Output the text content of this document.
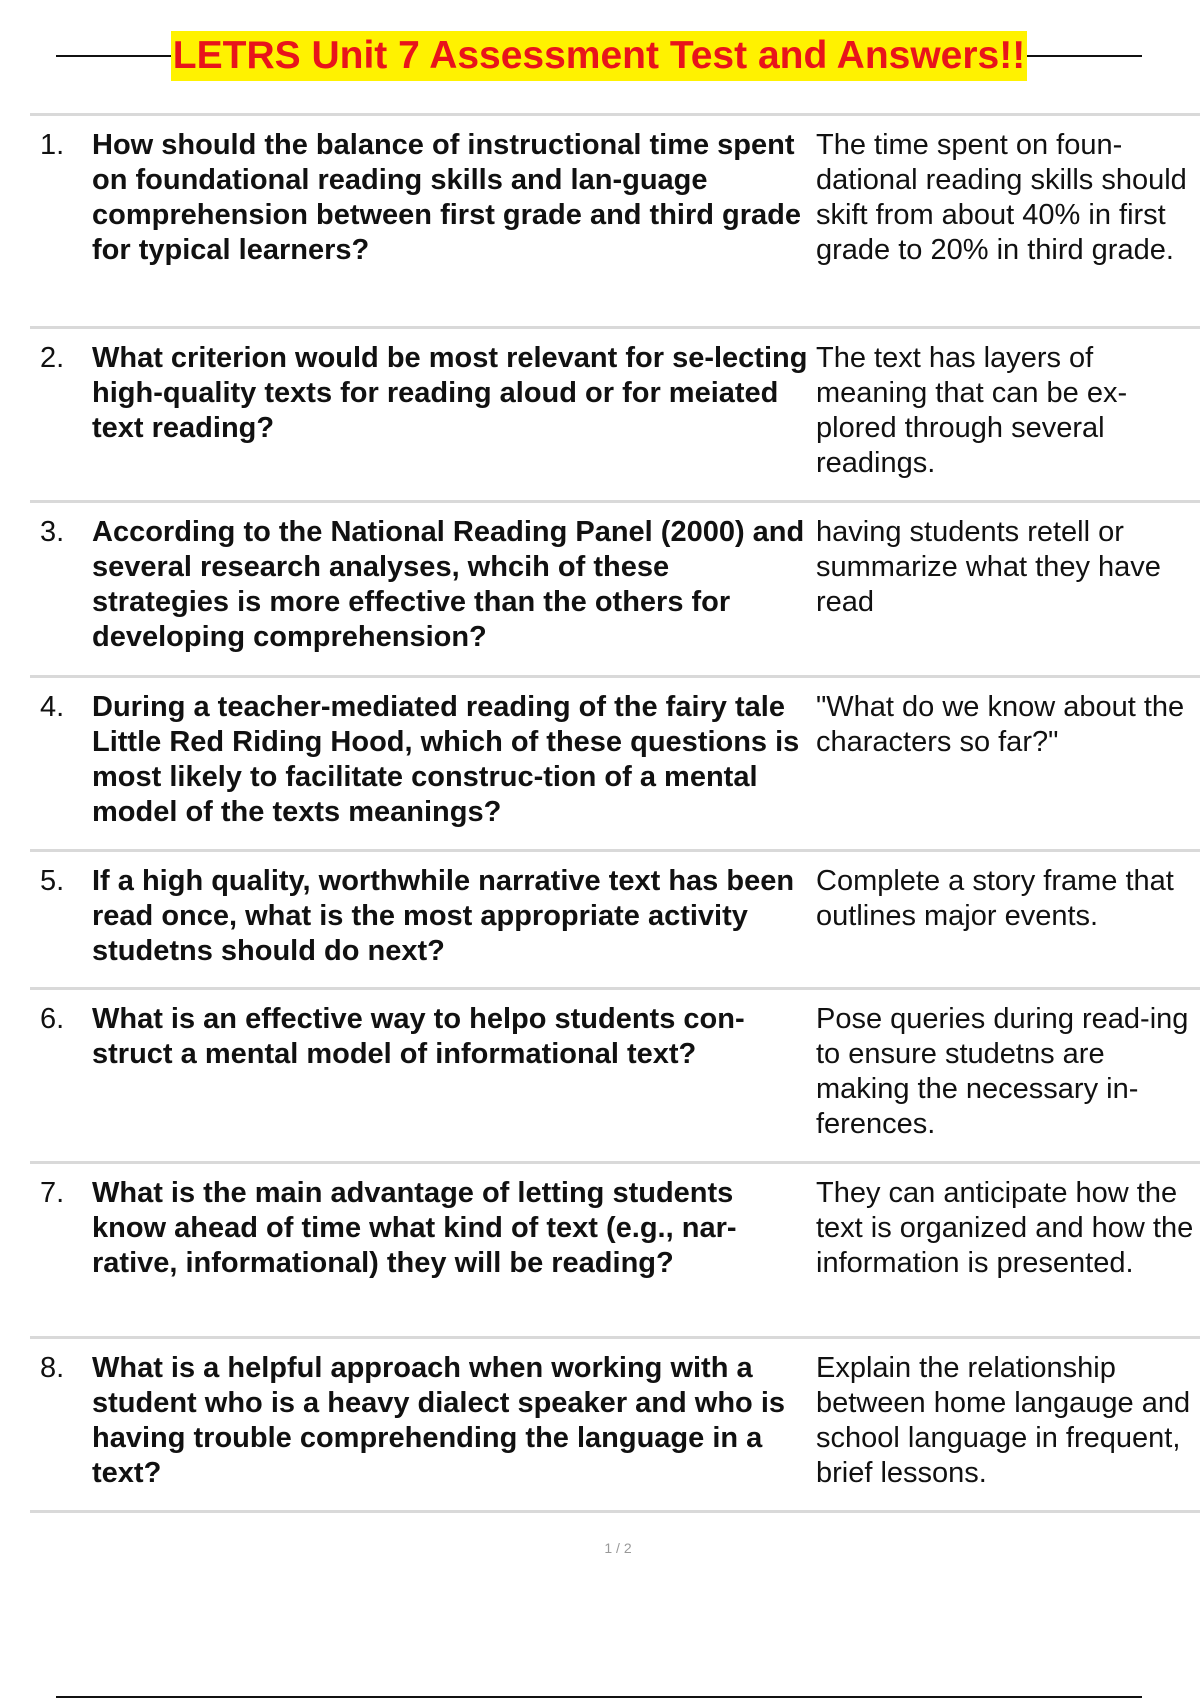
LETRS Unit 7 Assessment Test and Answers!!
1. How should the balance of instructional time spent on foundational reading skills and lan-guage comprehension between first grade and third grade for typical learners?
The time spent on foun-dational reading skills should skift from about 40% in first grade to 20% in third grade.
2. What criterion would be most relevant for se-lecting high-quality texts for reading aloud or for meiated text reading?
The text has layers of meaning that can be ex-plored through several readings.
3. According to the National Reading Panel (2000) and several research analyses, whcih of these strategies is more effective than the others for developing comprehension?
having students retell or summarize what they have read
4. During a teacher-mediated reading of the fairy tale Little Red Riding Hood, which of these questions is most likely to facilitate construc-tion of a mental model of the texts meanings?
"What do we know about the characters so far?"
5. If a high quality, worthwhile narrative text has been read once, what is the most appropriate activity studetns should do next?
Complete a story frame that outlines major events.
6. What is an effective way to helpo students con-struct a mental model of informational text?
Pose queries during read-ing to ensure studetns are making the necessary in-ferences.
7. What is the main advantage of letting students know ahead of time what kind of text (e.g., nar-rative, informational) they will be reading?
They can anticipate how the text is organized and how the information is presented.
8. What is a helpful approach when working with a student who is a heavy dialect speaker and who is having trouble comprehending the language in a text?
Explain the relationship between home langauge and school language in frequent, brief lessons.
1 / 2
